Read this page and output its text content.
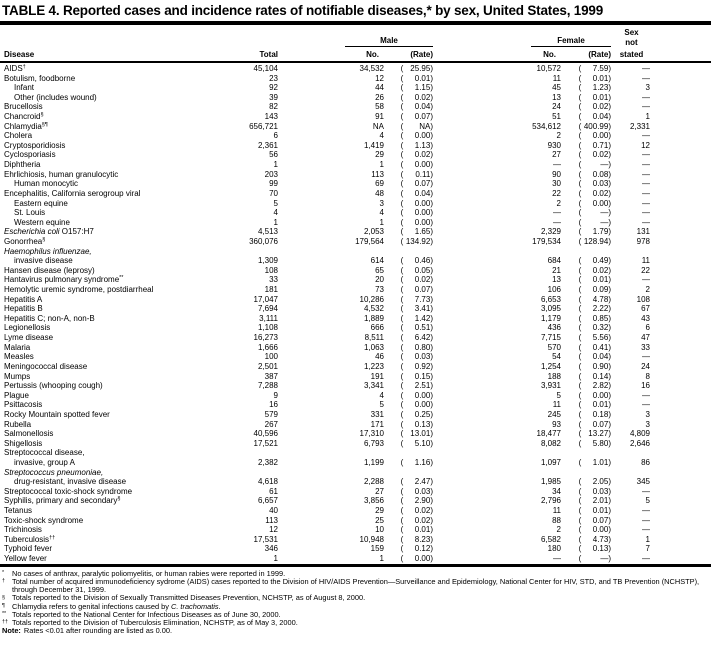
TABLE 4. Reported cases and incidence rates of notifiable diseases,* by sex, United States, 1999
Male	Female
Sex
not
Disease	Total	No.	(Rate)	No.	(Rate)	stated
AIDS†	45,104	34,532	( 25.95)	10,572	( 7.59)	—
Botulism, foodborne	23	12	( 0.01)	11	( 0.01)	—
Infant	92	44	( 1.15)	45	( 1.23)	3
Other (includes wound)	39	26	( 0.02)	13	( 0.01)	—
Brucellosis	82	58	( 0.04)	24	( 0.02)	—
Chancroid§	143	91	( 0.07)	51	( 0.04)	1
Chlamydia§¶	656,721	NA	( NA)	534,612	( 400.99)	2,331
Cholera	6	4	( 0.00)	2	( 0.00)	—
Cryptosporidiosis	2,361	1,419	( 1.13)	930	( 0.71)	12
Cyclosporiasis	56	29	( 0.02)	27	( 0.02)	—
Diphtheria	1	1	( 0.00)	—	( —)	—
Ehrlichiosis, human granulocytic	203	113	( 0.11)	90	( 0.08)	—
Human monocytic	99	69	( 0.07)	30	( 0.03)	—
Encephalitis, California serogroup viral	70	48	( 0.04)	22	( 0.02)	—
Eastern equine	5	3	( 0.00)	2	( 0.00)	—
St. Louis	4	4	( 0.00)	—	( —)	—
Western equine	1	1	( 0.00)	—	( —)	—
Escherichia coli O157:H7	4,513	2,053	( 1.65)	2,329	( 1.79)	131
Gonorrhea§	360,076	179,564	( 134.92)	179,534	( 128.94)	978
Haemophilus influenzae,
invasive disease	1,309	614	( 0.46)	684	( 0.49)	11
Hansen disease (leprosy)	108	65	( 0.05)	21	( 0.02)	22
Hantavirus pulmonary syndrome**	33	20	( 0.02)	13	( 0.01)	—
Hemolytic uremic syndrome, postdiarrheal	181	73	( 0.07)	106	( 0.09)	2
Hepatitis A	17,047	10,286	( 7.73)	6,653	( 4.78)	108
Hepatitis B	7,694	4,532	( 3.41)	3,095	( 2.22)	67
Hepatitis C; non-A, non-B	3,111	1,889	( 1.42)	1,179	( 0.85)	43
Legionellosis	1,108	666	( 0.51)	436	( 0.32)	6
Lyme disease	16,273	8,511	( 6.42)	7,715	( 5.56)	47
Malaria	1,666	1,063	( 0.80)	570	( 0.41)	33
Measles	100	46	( 0.03)	54	( 0.04)	—
Meningococcal disease	2,501	1,223	( 0.92)	1,254	( 0.90)	24
Mumps	387	191	( 0.15)	188	( 0.14)	8
Pertussis (whooping cough)	7,288	3,341	( 2.51)	3,931	( 2.82)	16
Plague	9	4	( 0.00)	5	( 0.00)	—
Psittacosis	16	5	( 0.00)	11	( 0.01)	—
Rocky Mountain spotted fever	579	331	( 0.25)	245	( 0.18)	3
Rubella	267	171	( 0.13)	93	( 0.07)	3
Salmonellosis	40,596	17,310	( 13.01)	18,477	( 13.27)	4,809
Shigellosis	17,521	6,793	( 5.10)	8,082	( 5.80)	2,646
Streptococcal disease,
invasive, group A	2,382	1,199	( 1.16)	1,097	( 1.01)	86
Streptococcus pneumoniae,
drug-resistant, invasive disease	4,618	2,288	( 2.47)	1,985	( 2.05)	345
Streptococcal toxic-shock syndrome	61	27	( 0.03)	34	( 0.03)	—
Syphilis, primary and secondary§	6,657	3,856	( 2.90)	2,796	( 2.01)	5
Tetanus	40	29	( 0.02)	11	( 0.01)	—
Toxic-shock syndrome	113	25	( 0.02)	88	( 0.07)	—
Trichinosis	12	10	( 0.01)	2	( 0.00)	—
Tuberculosis††	17,531	10,948	( 8.23)	6,582	( 4.73)	1
Typhoid fever	346	159	( 0.12)	180	( 0.13)	7
Yellow fever	1	1	( 0.00)	—	( —)	—
* No cases of anthrax, paralytic poliomyelitis, or human rabies were reported in 1999.
† Total number of acquired immunodeficiency sydrome (AIDS) cases reported to the Division of HIV/AIDS Prevention—Surveillance and Epidemiology, National Center for HIV, STD, and TB Prevention (NCHSTP), through December 31, 1999.
§ Totals reported to the Division of Sexually Transmitted Diseases Prevention, NCHSTP, as of August 8, 2000.
¶ Chlamydia refers to genital infections caused by C. trachomatis.
** Totals reported to the National Center for Infectious Diseases as of June 30, 2000.
†† Totals reported to the Division of Tuberculosis Elimination, NCHSTP, as of May 3, 2000.
Note: Rates <0.01 after rounding are listed as 0.00.
